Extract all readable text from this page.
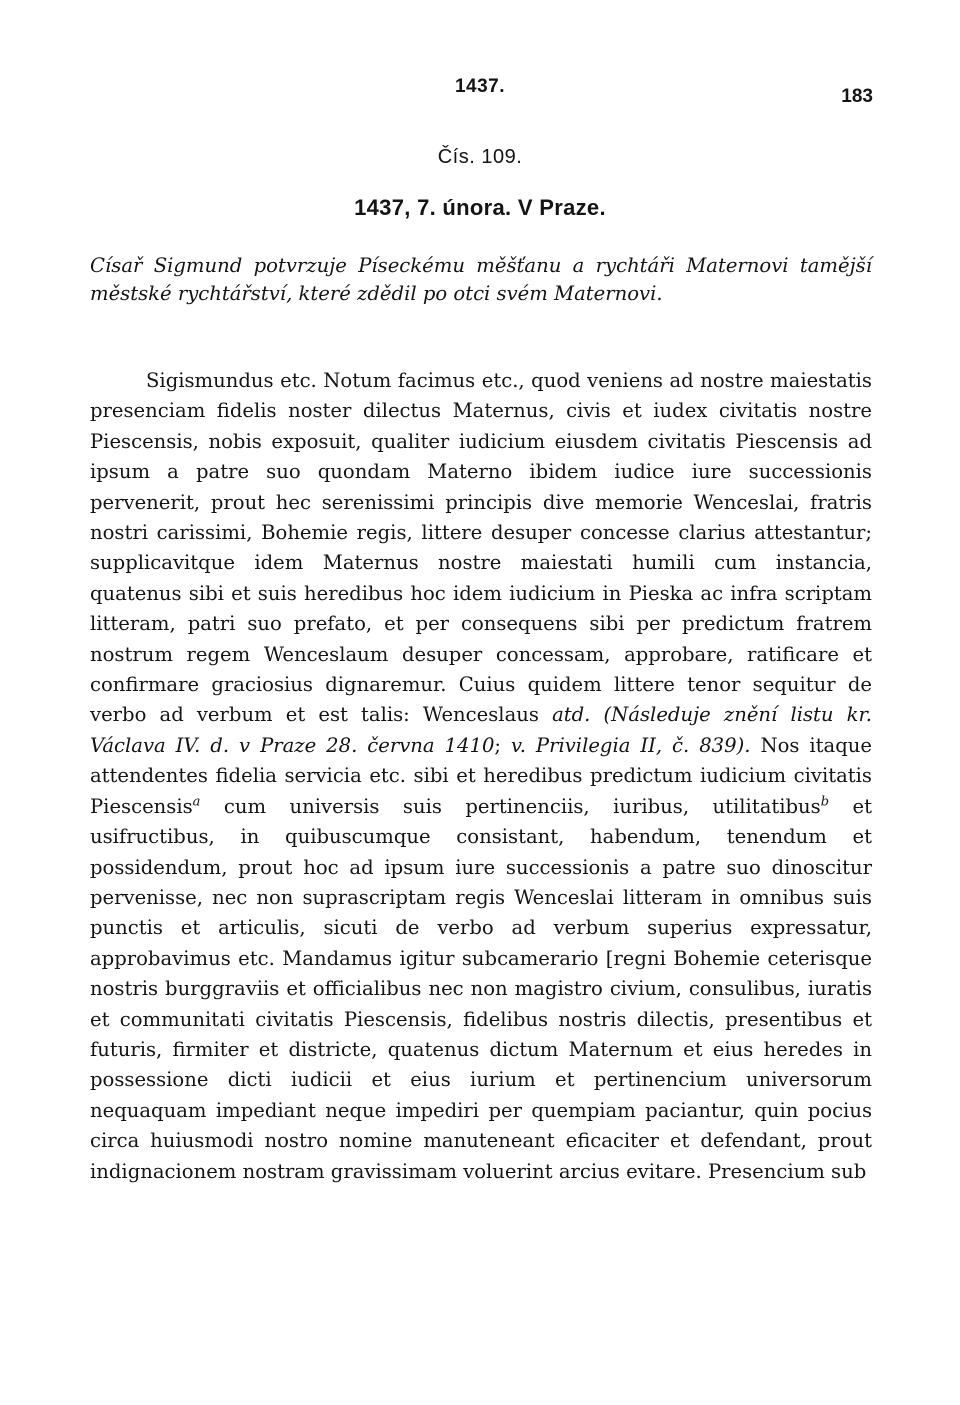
1437.	183
Čís. 109.
1437, 7. února. V Praze.

Císař Sigmund potvrzuje Píseckému měšťanu a rychtáři Maternovi tamější městské rychtářství, které zdědil po otci svém Maternovi.

Sigismundus etc. Notum facimus etc., quod veniens ad nostre maiestatis presenciam fidelis noster dilectus Maternus, civis et iudex civitatis nostre Piescensis, nobis exposuit, qualiter iudicium eiusdem civitatis Piescensis ad ipsum a patre suo quondam Materno ibidem iudice iure successionis pervenerit, prout hec serenissimi principis dive memorie Wenceslai, fratris nostri carissimi, Bohemie regis, littere desuper concesse clarius attestantur; supplicavitque idem Maternus nostre maiestati humili cum instancia, quatenus sibi et suis heredibus hoc idem iudicium in Pieska ac infra scriptam litteram, patri suo prefato, et per consequens sibi per predictum fratrem nostrum regem Wenceslaum desuper concessam, approbare, ratificare et confirmare graciosius dignaremur. Cuius quidem littere tenor sequitur de verbo ad verbum et est talis: Wenceslaus atd. (Následuje znění listu kr. Václava IV. d. v Praze 28. června 1410; v. Privilegia II, č. 839). Nos itaque attendentes fidelia servicia etc. sibi et heredibus predictum iudicium civitatis Piescensis$^a$ cum universis suis pertinenciis, iuribus, utilitatibus$^b$ et usifructibus, in quibuscumque consistant, habendum, tenendum et possidendum, prout hoc ad ipsum iure successionis a patre suo dinoscitur pervenisse, nec non suprascriptam regis Wenceslai litteram in omnibus suis punctis et articulis, sicuti de verbo ad verbum superius expressatur, approbavimus etc. Mandamus igitur subcamerario [regni Bohemie ceterisque nostris burggraviis et officialibus nec non magistro civium, consulibus, iuratis et communitati civitatis Piescensis, fidelibus nostris dilectis, presentibus et futuris, firmiter et districte, quatenus dictum Maternum et eius heredes in possessione dicti iudicii et eius iurium et pertinencium universorum nequaquam impediant neque impediri per quempiam paciantur, quin pocius circa huiusmodi nostro nomine manuteneant eficaciter et defendant, prout indignacionem nostram gravissimam voluerint arcius evitare. Presencium sub
